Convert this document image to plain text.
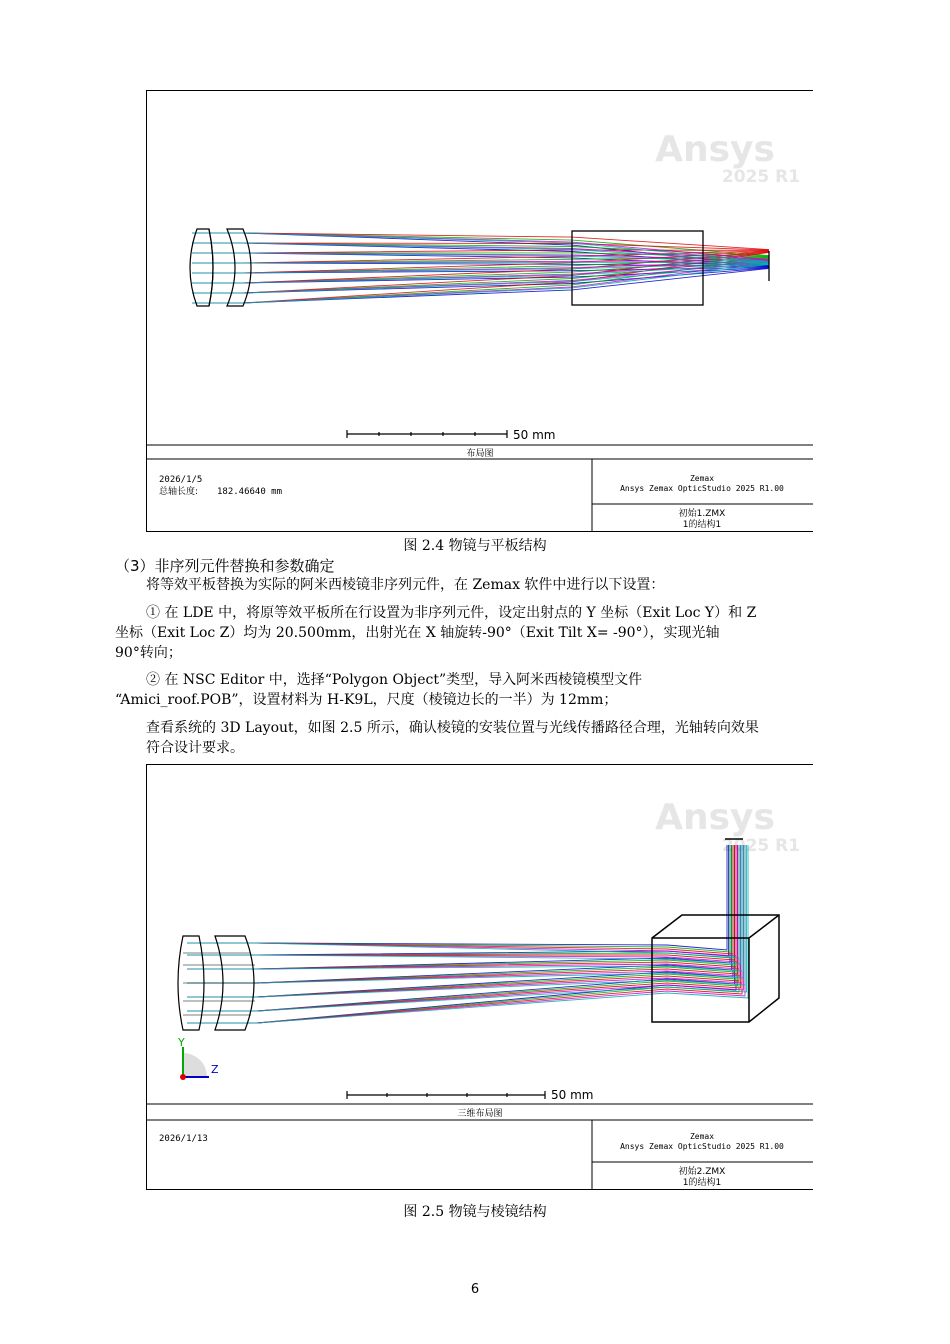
Ansys
2025 R1
50 mm
布局图
2026/1/5
总轴长度: 182.46640 mm
Zemax
Ansys Zemax OpticStudio 2025 R1.00
初始1.ZMX
1的结构1
图 2.4 物镜与平板结构
（3）非序列元件替换和参数确定
将等效平板替换为实际的阿米西棱镜非序列元件，在 Zemax 软件中进行以下设置：
① 在 LDE 中，将原等效平板所在行设置为非序列元件，设定出射点的 Y 坐标（Exit Loc Y）和 Z
坐标（Exit Loc Z）均为 20.500mm，出射光在 X 轴旋转-90°（Exit Tilt X= -90°），实现光轴
90°转向；
② 在 NSC Editor 中，选择“Polygon Object”类型，导入阿米西棱镜模型文件
“Amici_roof.POB”，设置材料为 H-K9L，尺度（棱镜边长的一半）为 12mm；
查看系统的 3D Layout，如图 2.5 所示，确认棱镜的安装位置与光线传播路径合理，光轴转向效果
符合设计要求。
Ansys
2025 R1
Y
Z
50 mm
三维布局图
2026/1/13	Zemax
Ansys Zemax OpticStudio 2025 R1.00
初始2.ZMX
1的结构1
图 2.5 物镜与棱镜结构
6
